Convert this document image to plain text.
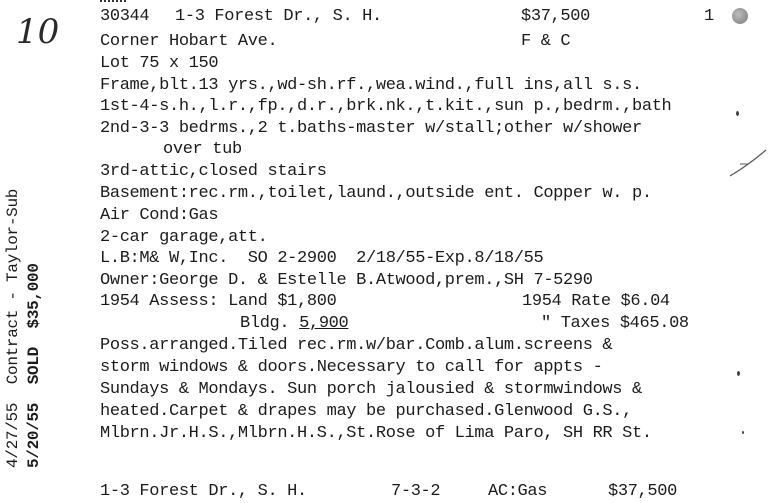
10
4/27/55  Contract - Taylor-Sub 5/20/55  SOLD  $35,000
30344 1-3 Forest Dr., S. H.	$37,500	1
Corner Hobart Ave.	F & C
Lot 75 x 150
Frame,blt.13 yrs.,wd-sh.rf.,wea.wind.,full ins,all s.s.
1st-4-s.h.,l.r.,fp.,d.r.,brk.nk.,t.kit.,sun p.,bedrm.,bath
2nd-3-3 bedrms.,2 t.baths-master w/stall;other w/shower
over tub
3rd-attic,closed stairs
Basement:rec.rm.,toilet,laund.,outside ent. Copper w. p.
Air Cond:Gas
2-car garage,att.
L.B:M& W,Inc.  SO 2-2900  2/18/55-Exp.8/18/55
Owner:George D. & Estelle B.Atwood,prem.,SH 7-5290
1954 Assess: Land $1,800	1954 Rate $6.04
Bldg. 5,900	" Taxes $465.08
Poss.arranged.Tiled rec.rm.w/bar.Comb.alum.screens &
storm windows & doors.Necessary to call for appts -
Sundays & Mondays. Sun porch jalousied & stormwindows &
heated.Carpet & drapes may be purchased.Glenwood G.S.,
Mlbrn.Jr.H.S.,Mlbrn.H.S.,St.Rose of Lima Paro, SH RR St.
1-3 Forest Dr., S. H.	7-3-2	AC:Gas	$37,500
